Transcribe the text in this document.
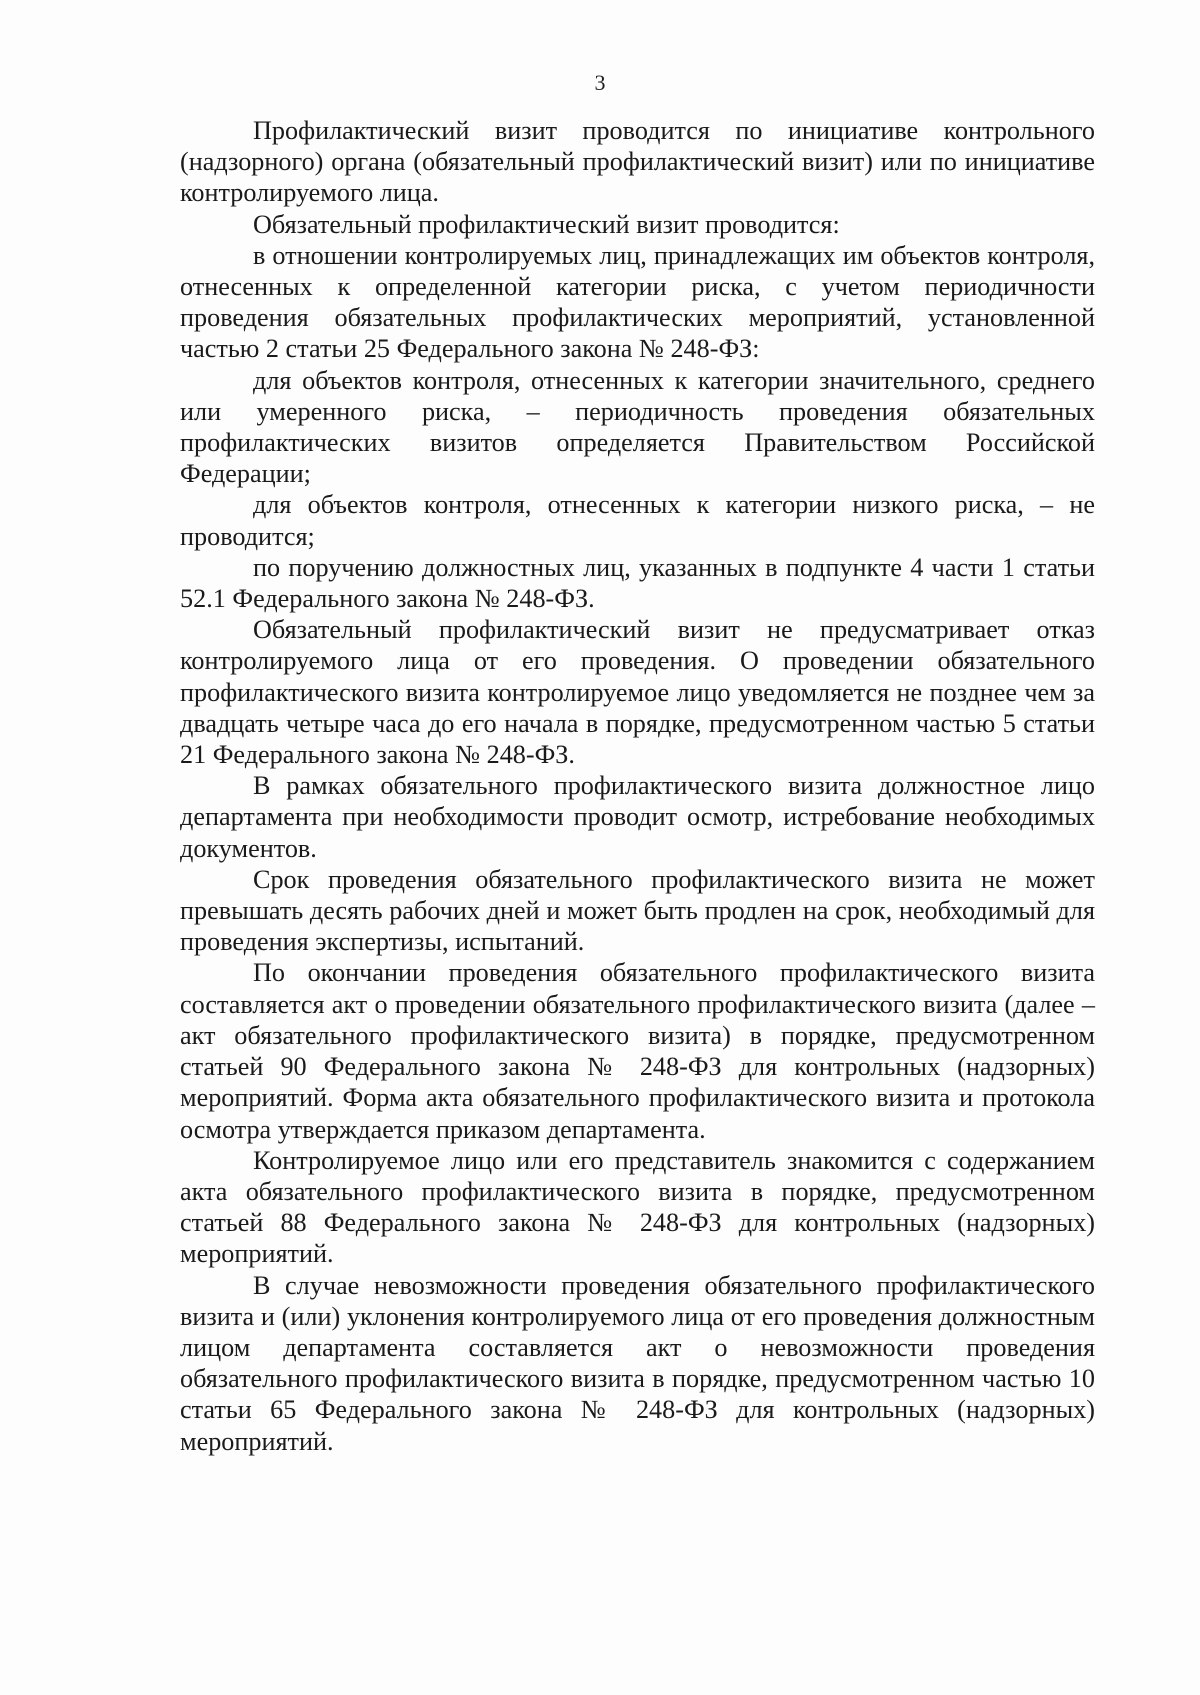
3

Профилактический визит проводится по инициативе контрольного (надзорного) органа (обязательный профилактический визит) или по инициативе контролируемого лица.

Обязательный профилактический визит проводится:

в отношении контролируемых лиц, принадлежащих им объектов контроля, отнесенных к определенной категории риска, с учетом периодичности проведения обязательных профилактических мероприятий, установленной частью 2 статьи 25 Федерального закона № 248-ФЗ:

для объектов контроля, отнесенных к категории значительного, среднего или умеренного риска, – периодичность проведения обязательных профилактических визитов определяется Правительством Российской Федерации;

для объектов контроля, отнесенных к категории низкого риска, – не проводится;

по поручению должностных лиц, указанных в подпункте 4 части 1 статьи 52.1 Федерального закона № 248-ФЗ.

Обязательный профилактический визит не предусматривает отказ контролируемого лица от его проведения. О проведении обязательного профилактического визита контролируемое лицо уведомляется не позднее чем за двадцать четыре часа до его начала в порядке, предусмотренном частью 5 статьи 21 Федерального закона № 248-ФЗ.

В рамках обязательного профилактического визита должностное лицо департамента при необходимости проводит осмотр, истребование необходимых документов.

Срок проведения обязательного профилактического визита не может превышать десять рабочих дней и может быть продлен на срок, необходимый для проведения экспертизы, испытаний.

По окончании проведения обязательного профилактического визита составляется акт о проведении обязательного профилактического визита (далее – акт обязательного профилактического визита) в порядке, предусмотренном статьей 90 Федерального закона № 248-ФЗ для контрольных (надзорных) мероприятий. Форма акта обязательного профилактического визита и протокола осмотра утверждается приказом департамента.

Контролируемое лицо или его представитель знакомится с содержанием акта обязательного профилактического визита в порядке, предусмотренном статьей 88 Федерального закона № 248-ФЗ для контрольных (надзорных) мероприятий.

В случае невозможности проведения обязательного профилактического визита и (или) уклонения контролируемого лица от его проведения должностным лицом департамента составляется акт о невозможности проведения обязательного профилактического визита в порядке, предусмотренном частью 10 статьи 65 Федерального закона № 248-ФЗ для контрольных (надзорных) мероприятий.
